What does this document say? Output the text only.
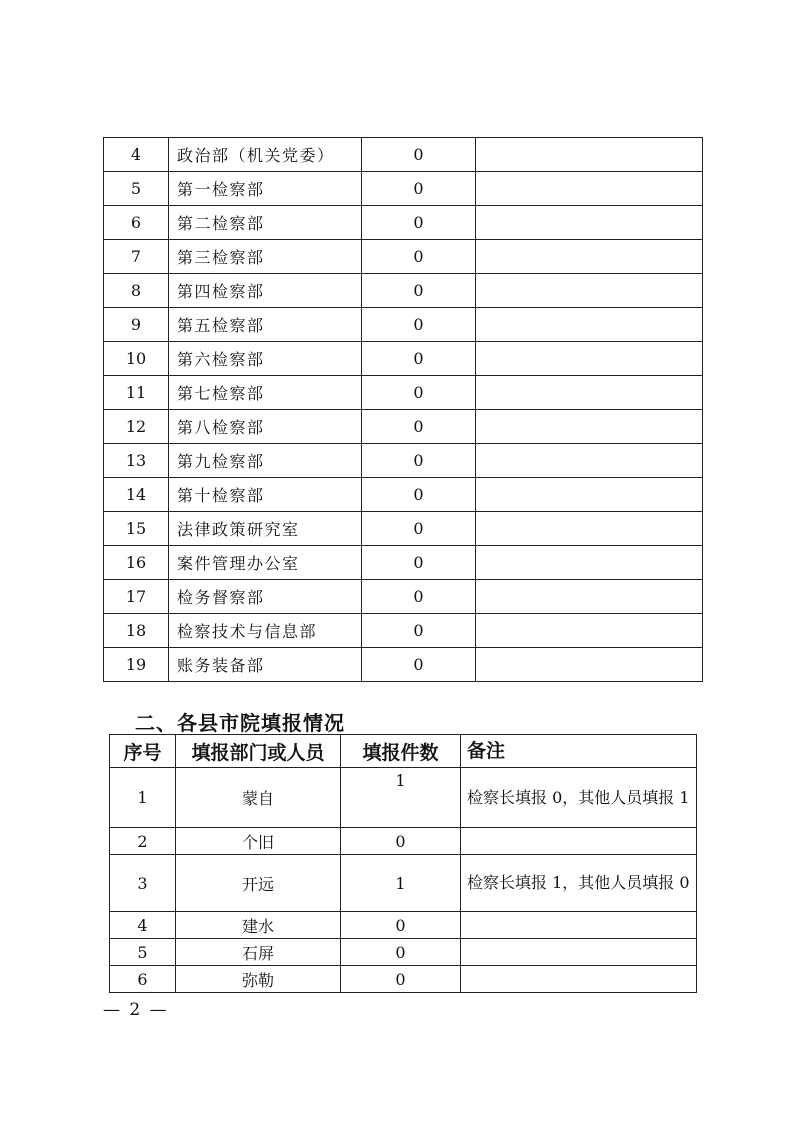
4	政治部（机关党委）	0	
5	第一检察部	0	
6	第二检察部	0	
7	第三检察部	0	
8	第四检察部	0	
9	第五检察部	0	
10	第六检察部	0	
11	第七检察部	0	
12	第八检察部	0	
13	第九检察部	0	
14	第十检察部	0	
15	法律政策研究室	0	
16	案件管理办公室	0	
17	检务督察部	0	
18	检察技术与信息部	0	
19	账务装备部	0	
二、各县市院填报情况
序号	填报部门或人员	填报件数	备注
1	蒙自	1	检察长填报 0，其他人员填报 1
2	个旧	0	
3	开远	1	检察长填报 1，其他人员填报 0
4	建水	0	
5	石屏	0	
6	弥勒	0	
— 2 —
